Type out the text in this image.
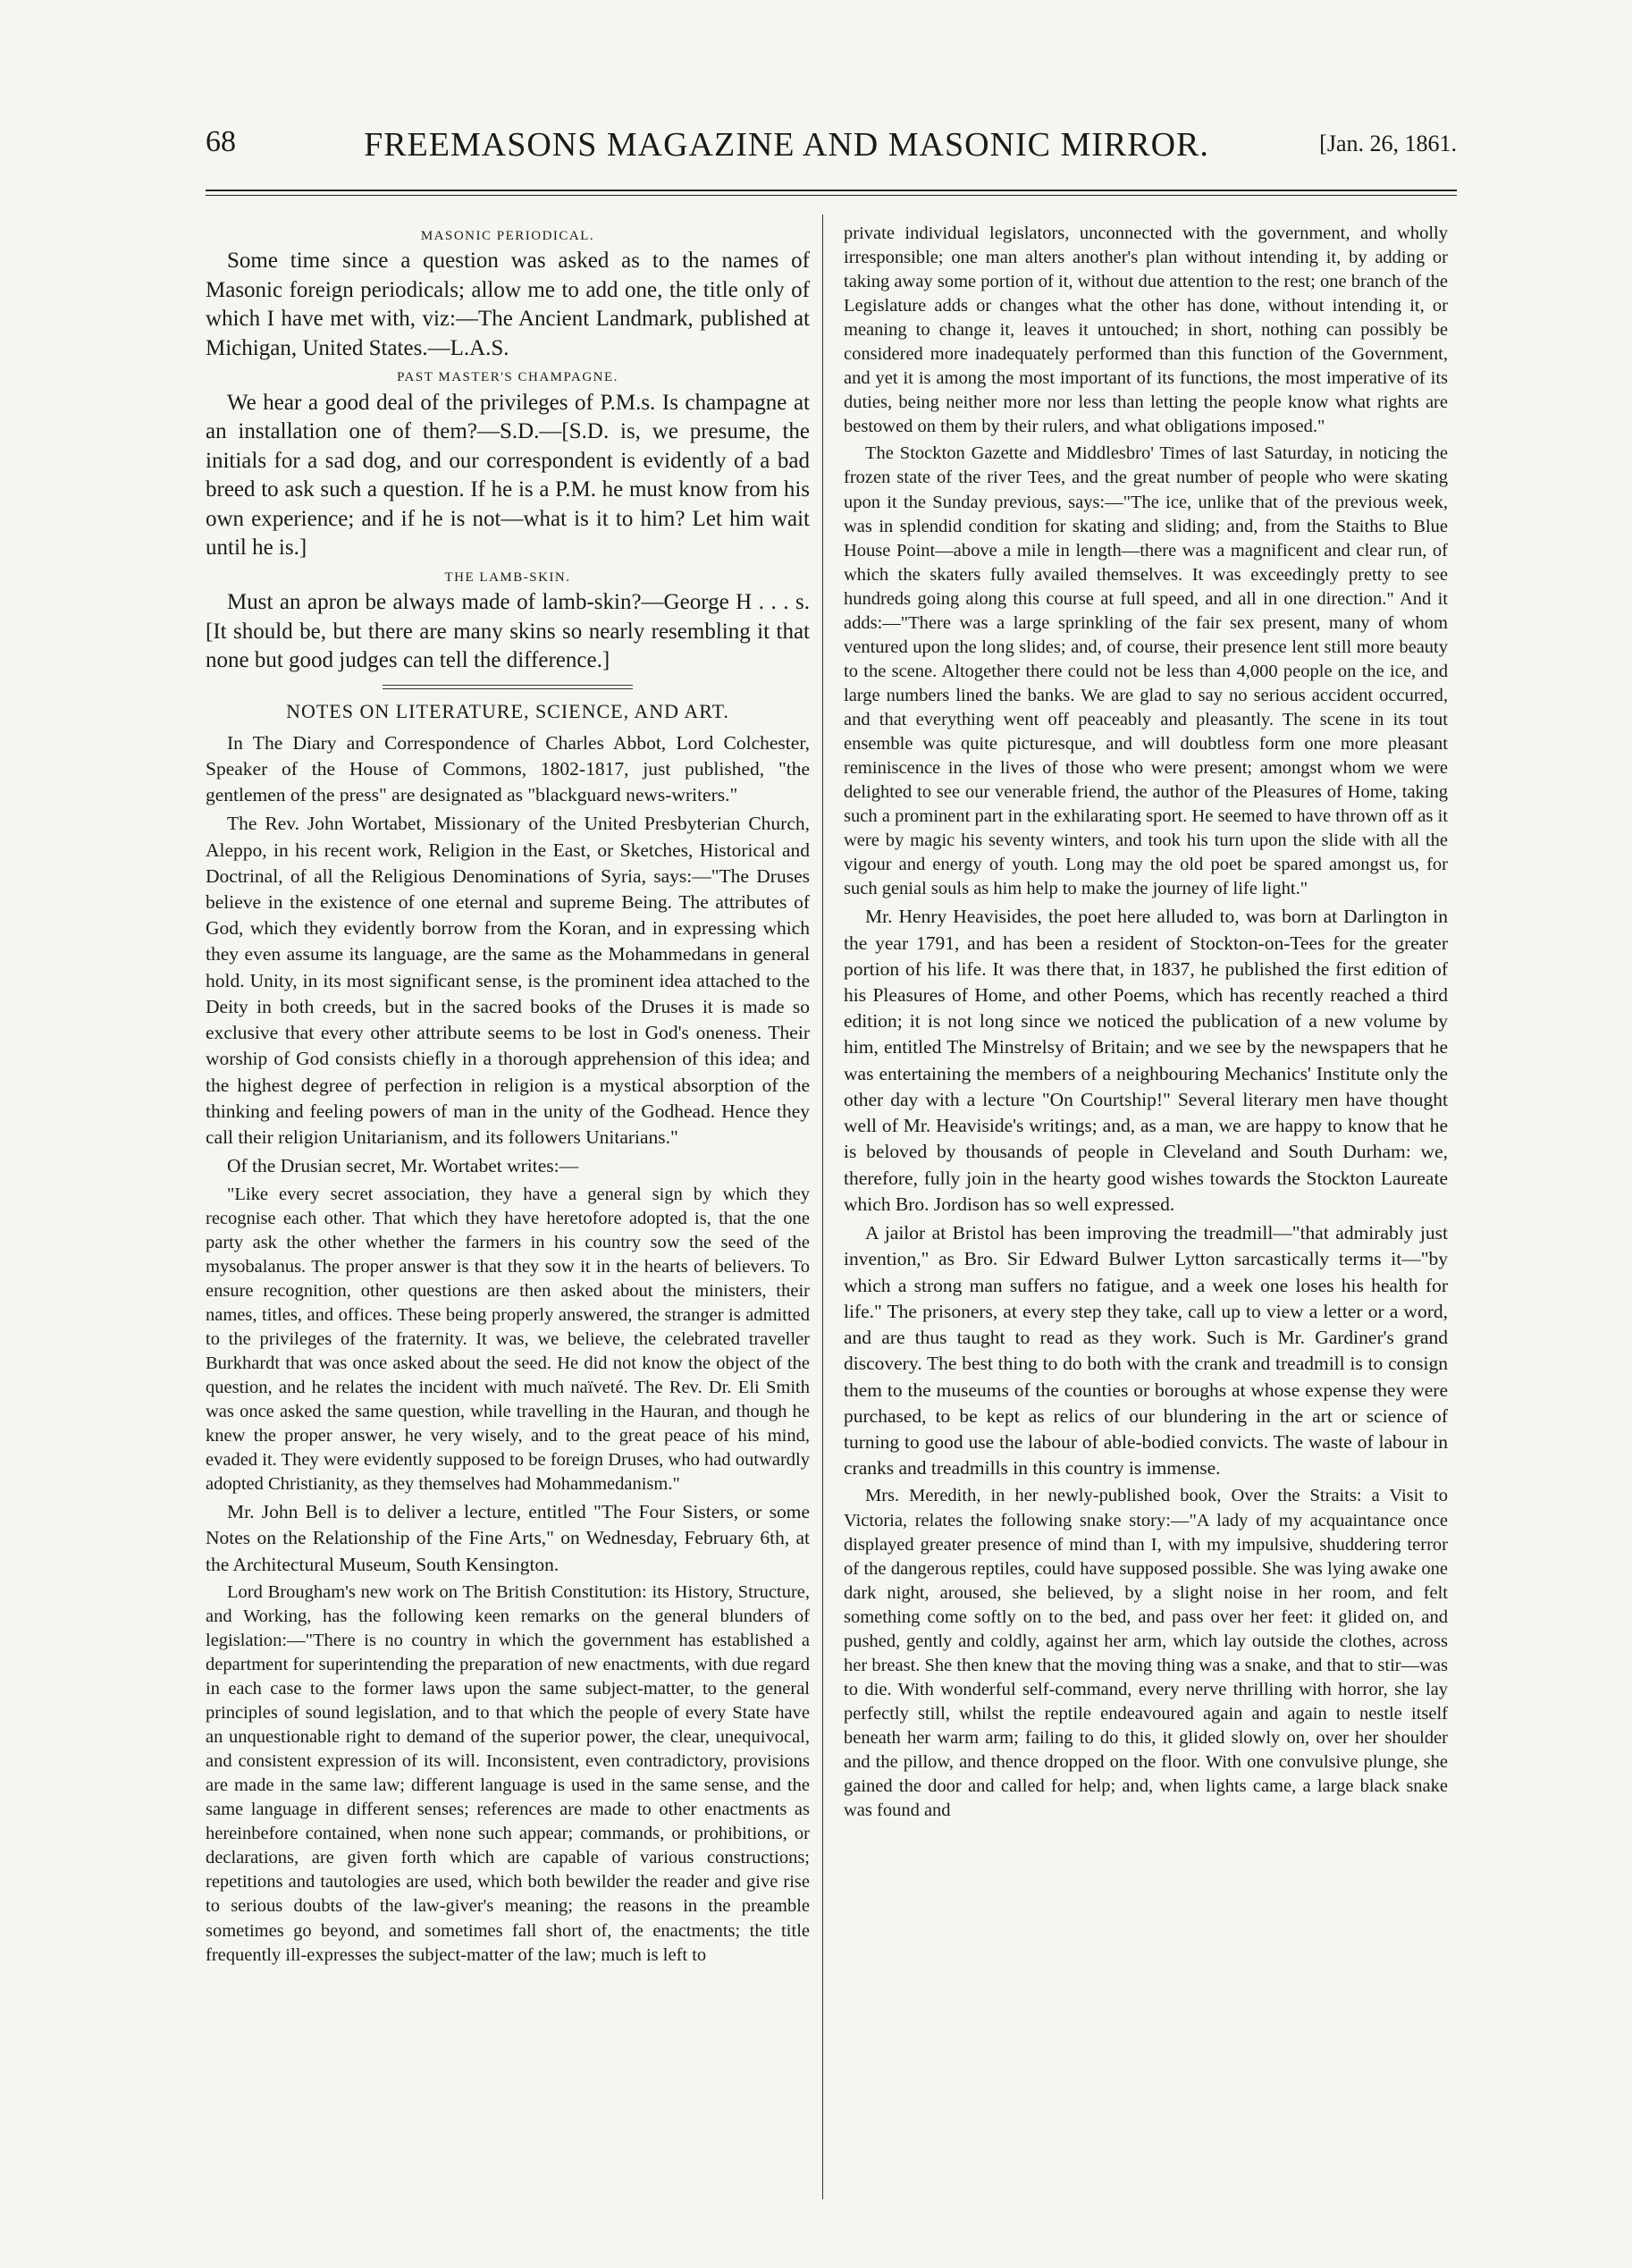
68	FREEMASONS MAGAZINE AND MASONIC MIRROR.	[Jan. 26, 1861.
MASONIC PERIODICAL.

Some time since a question was asked as to the names of Masonic foreign periodicals; allow me to add one, the title only of which I have met with, viz:—The Ancient Landmark, published at Michigan, United States.—L.A.S.

PAST MASTER'S CHAMPAGNE.

We hear a good deal of the privileges of P.M.s. Is champagne at an installation one of them?—S.D.—[S.D. is, we presume, the initials for a sad dog, and our correspondent is evidently of a bad breed to ask such a question. If he is a P.M. he must know from his own experience; and if he is not—what is it to him? Let him wait until he is.]

THE LAMB-SKIN.

Must an apron be always made of lamb-skin?—George H . . . s. [It should be, but there are many skins so nearly resembling it that none but good judges can tell the difference.]

NOTES ON LITERATURE, SCIENCE, AND ART.

In The Diary and Correspondence of Charles Abbot, Lord Colchester, Speaker of the House of Commons, 1802-1817, just published, "the gentlemen of the press" are designated as "blackguard news-writers."

The Rev. John Wortabet, Missionary of the United Presbyterian Church, Aleppo, in his recent work, Religion in the East, or Sketches, Historical and Doctrinal, of all the Religious Denominations of Syria, says:—"The Druses believe in the existence of one eternal and supreme Being. The attributes of God, which they evidently borrow from the Koran, and in expressing which they even assume its language, are the same as the Mohammedans in general hold. Unity, in its most significant sense, is the prominent idea attached to the Deity in both creeds, but in the sacred books of the Druses it is made so exclusive that every other attribute seems to be lost in God's oneness. Their worship of God consists chiefly in a thorough apprehension of this idea; and the highest degree of perfection in religion is a mystical absorption of the thinking and feeling powers of man in the unity of the Godhead. Hence they call their religion Unitarianism, and its followers Unitarians."

Of the Drusian secret, Mr. Wortabet writes:—

"Like every secret association, they have a general sign by which they recognise each other. That which they have heretofore adopted is, that the one party ask the other whether the farmers in his country sow the seed of the mysobalanus. The proper answer is that they sow it in the hearts of believers. To ensure recognition, other questions are then asked about the ministers, their names, titles, and offices. These being properly answered, the stranger is admitted to the privileges of the fraternity. It was, we believe, the celebrated traveller Burkhardt that was once asked about the seed. He did not know the object of the question, and he relates the incident with much naïveté. The Rev. Dr. Eli Smith was once asked the same question, while travelling in the Hauran, and though he knew the proper answer, he very wisely, and to the great peace of his mind, evaded it. They were evidently supposed to be foreign Druses, who had outwardly adopted Christianity, as they themselves had Mohammedanism."

Mr. John Bell is to deliver a lecture, entitled "The Four Sisters, or some Notes on the Relationship of the Fine Arts," on Wednesday, February 6th, at the Architectural Museum, South Kensington.

Lord Brougham's new work on The British Constitution: its History, Structure, and Working, has the following keen remarks on the general blunders of legislation:—"There is no country in which the government has established a department for superintending the preparation of new enactments, with due regard in each case to the former laws upon the same subject-matter, to the general principles of sound legislation, and to that which the people of every State have an unquestionable right to demand of the superior power, the clear, unequivocal, and consistent expression of its will. Inconsistent, even contradictory, provisions are made in the same law; different language is used in the same sense, and the same language in different senses; references are made to other enactments as hereinbefore contained, when none such appear; commands, or prohibitions, or declarations, are given forth which are capable of various constructions; repetitions and tautologies are used, which both bewilder the reader and give rise to serious doubts of the law-giver's meaning; the reasons in the preamble sometimes go beyond, and sometimes fall short of, the enactments; the title frequently ill-expresses the subject-matter of the law; much is left to

private individual legislators, unconnected with the government, and wholly irresponsible; one man alters another's plan without intending it, by adding or taking away some portion of it, without due attention to the rest; one branch of the Legislature adds or changes what the other has done, without intending it, or meaning to change it, leaves it untouched; in short, nothing can possibly be considered more inadequately performed than this function of the Government, and yet it is among the most important of its functions, the most imperative of its duties, being neither more nor less than letting the people know what rights are bestowed on them by their rulers, and what obligations imposed."

The Stockton Gazette and Middlesbro' Times of last Saturday, in noticing the frozen state of the river Tees, and the great number of people who were skating upon it the Sunday previous, says:—"The ice, unlike that of the previous week, was in splendid condition for skating and sliding; and, from the Staiths to Blue House Point—above a mile in length—there was a magnificent and clear run, of which the skaters fully availed themselves. It was exceedingly pretty to see hundreds going along this course at full speed, and all in one direction." And it adds:—"There was a large sprinkling of the fair sex present, many of whom ventured upon the long slides; and, of course, their presence lent still more beauty to the scene. Altogether there could not be less than 4,000 people on the ice, and large numbers lined the banks. We are glad to say no serious accident occurred, and that everything went off peaceably and pleasantly. The scene in its tout ensemble was quite picturesque, and will doubtless form one more pleasant reminiscence in the lives of those who were present; amongst whom we were delighted to see our venerable friend, the author of the Pleasures of Home, taking such a prominent part in the exhilarating sport. He seemed to have thrown off as it were by magic his seventy winters, and took his turn upon the slide with all the vigour and energy of youth. Long may the old poet be spared amongst us, for such genial souls as him help to make the journey of life light."

Mr. Henry Heavisides, the poet here alluded to, was born at Darlington in the year 1791, and has been a resident of Stockton-on-Tees for the greater portion of his life. It was there that, in 1837, he published the first edition of his Pleasures of Home, and other Poems, which has recently reached a third edition; it is not long since we noticed the publication of a new volume by him, entitled The Minstrelsy of Britain; and we see by the newspapers that he was entertaining the members of a neighbouring Mechanics' Institute only the other day with a lecture "On Courtship!" Several literary men have thought well of Mr. Heaviside's writings; and, as a man, we are happy to know that he is beloved by thousands of people in Cleveland and South Durham: we, therefore, fully join in the hearty good wishes towards the Stockton Laureate which Bro. Jordison has so well expressed.

A jailor at Bristol has been improving the treadmill—"that admirably just invention," as Bro. Sir Edward Bulwer Lytton sarcastically terms it—"by which a strong man suffers no fatigue, and a week one loses his health for life." The prisoners, at every step they take, call up to view a letter or a word, and are thus taught to read as they work. Such is Mr. Gardiner's grand discovery. The best thing to do both with the crank and treadmill is to consign them to the museums of the counties or boroughs at whose expense they were purchased, to be kept as relics of our blundering in the art or science of turning to good use the labour of able-bodied convicts. The waste of labour in cranks and treadmills in this country is immense.

Mrs. Meredith, in her newly-published book, Over the Straits: a Visit to Victoria, relates the following snake story:—"A lady of my acquaintance once displayed greater presence of mind than I, with my impulsive, shuddering terror of the dangerous reptiles, could have supposed possible. She was lying awake one dark night, aroused, she believed, by a slight noise in her room, and felt something come softly on to the bed, and pass over her feet: it glided on, and pushed, gently and coldly, against her arm, which lay outside the clothes, across her breast. She then knew that the moving thing was a snake, and that to stir—was to die. With wonderful self-command, every nerve thrilling with horror, she lay perfectly still, whilst the reptile endeavoured again and again to nestle itself beneath her warm arm; failing to do this, it glided slowly on, over her shoulder and the pillow, and thence dropped on the floor. With one convulsive plunge, she gained the door and called for help; and, when lights came, a large black snake was found and
